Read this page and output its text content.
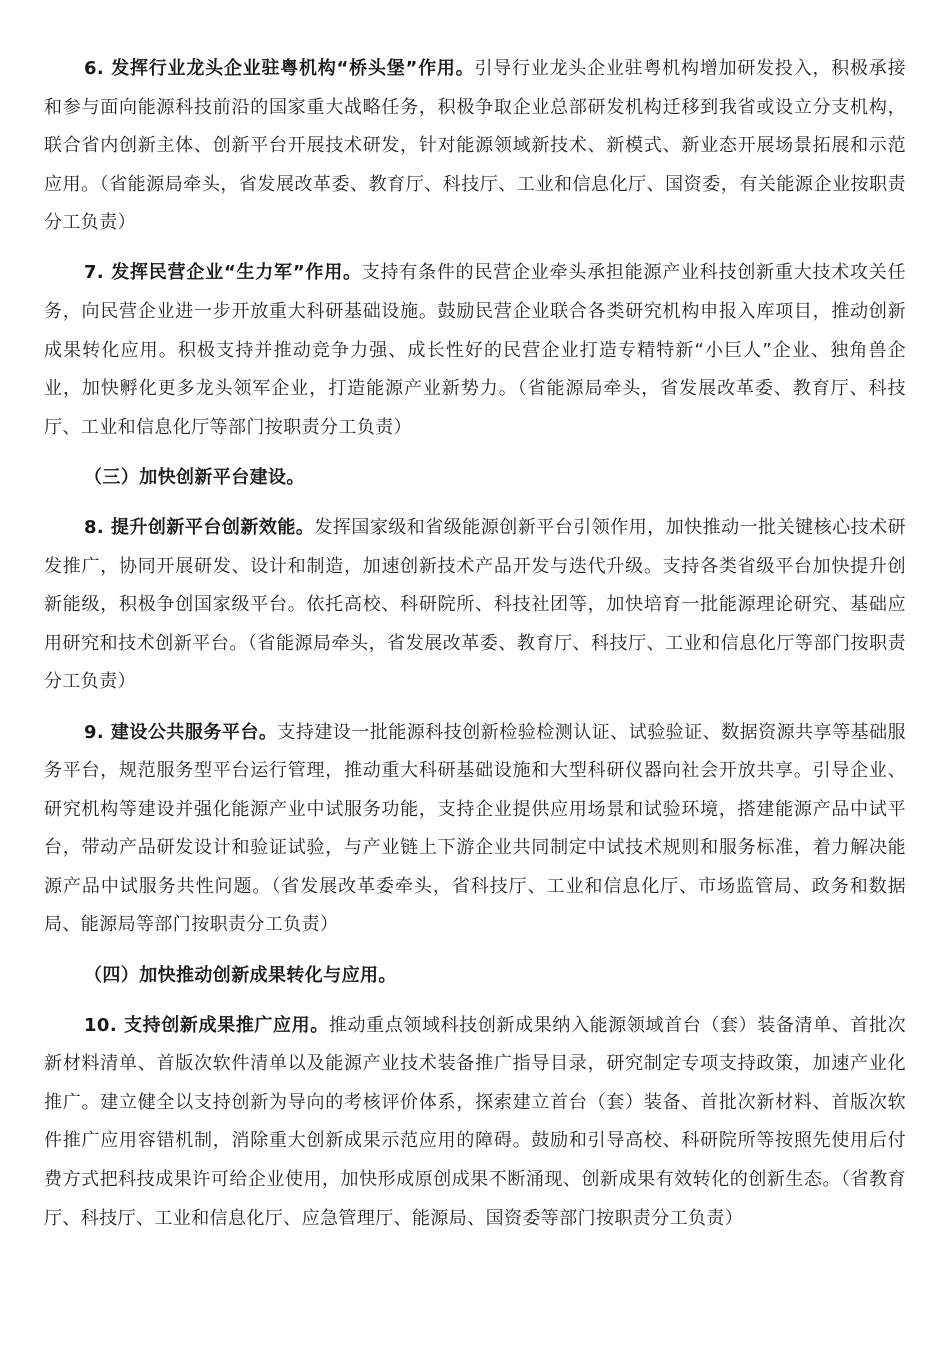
6. 发挥行业龙头企业驻粤机构“桥头堡”作用。引导行业龙头企业驻粤机构增加研发投入，积极承接和参与面向能源科技前沿的国家重大战略任务，积极争取企业总部研发机构迁移到我省或设立分支机构，联合省内创新主体、创新平台开展技术研发，针对能源领域新技术、新模式、新业态开展场景拓展和示范应用。（省能源局牵头，省发展改革委、教育厅、科技厅、工业和信息化厅、国资委，有关能源企业按职责分工负责）

7. 发挥民营企业“生力军”作用。支持有条件的民营企业牵头承担能源产业科技创新重大技术攻关任务，向民营企业进一步开放重大科研基础设施。鼓励民营企业联合各类研究机构申报入库项目，推动创新成果转化应用。积极支持并推动竞争力强、成长性好的民营企业打造专精特新“小巨人”企业、独角兽企业，加快孵化更多龙头领军企业，打造能源产业新势力。（省能源局牵头，省发展改革委、教育厅、科技厅、工业和信息化厅等部门按职责分工负责）

（三）加快创新平台建设。

8. 提升创新平台创新效能。发挥国家级和省级能源创新平台引领作用，加快推动一批关键核心技术研发推广，协同开展研发、设计和制造，加速创新技术产品开发与迭代升级。支持各类省级平台加快提升创新能级，积极争创国家级平台。依托高校、科研院所、科技社团等，加快培育一批能源理论研究、基础应用研究和技术创新平台。（省能源局牵头，省发展改革委、教育厅、科技厅、工业和信息化厅等部门按职责分工负责）

9. 建设公共服务平台。支持建设一批能源科技创新检验检测认证、试验验证、数据资源共享等基础服务平台，规范服务型平台运行管理，推动重大科研基础设施和大型科研仪器向社会开放共享。引导企业、研究机构等建设并强化能源产业中试服务功能，支持企业提供应用场景和试验环境，搭建能源产品中试平台，带动产品研发设计和验证试验，与产业链上下游企业共同制定中试技术规则和服务标准，着力解决能源产品中试服务共性问题。（省发展改革委牵头，省科技厅、工业和信息化厅、市场监管局、政务和数据局、能源局等部门按职责分工负责）

（四）加快推动创新成果转化与应用。

10. 支持创新成果推广应用。推动重点领域科技创新成果纳入能源领域首台（套）装备清单、首批次新材料清单、首版次软件清单以及能源产业技术装备推广指导目录，研究制定专项支持政策，加速产业化推广。建立健全以支持创新为导向的考核评价体系，探索建立首台（套）装备、首批次新材料、首版次软件推广应用容错机制，消除重大创新成果示范应用的障碍。鼓励和引导高校、科研院所等按照先使用后付费方式把科技成果许可给企业使用，加快形成原创成果不断涌现、创新成果有效转化的创新生态。（省教育厅、科技厅、工业和信息化厅、应急管理厅、能源局、国资委等部门按职责分工负责）
